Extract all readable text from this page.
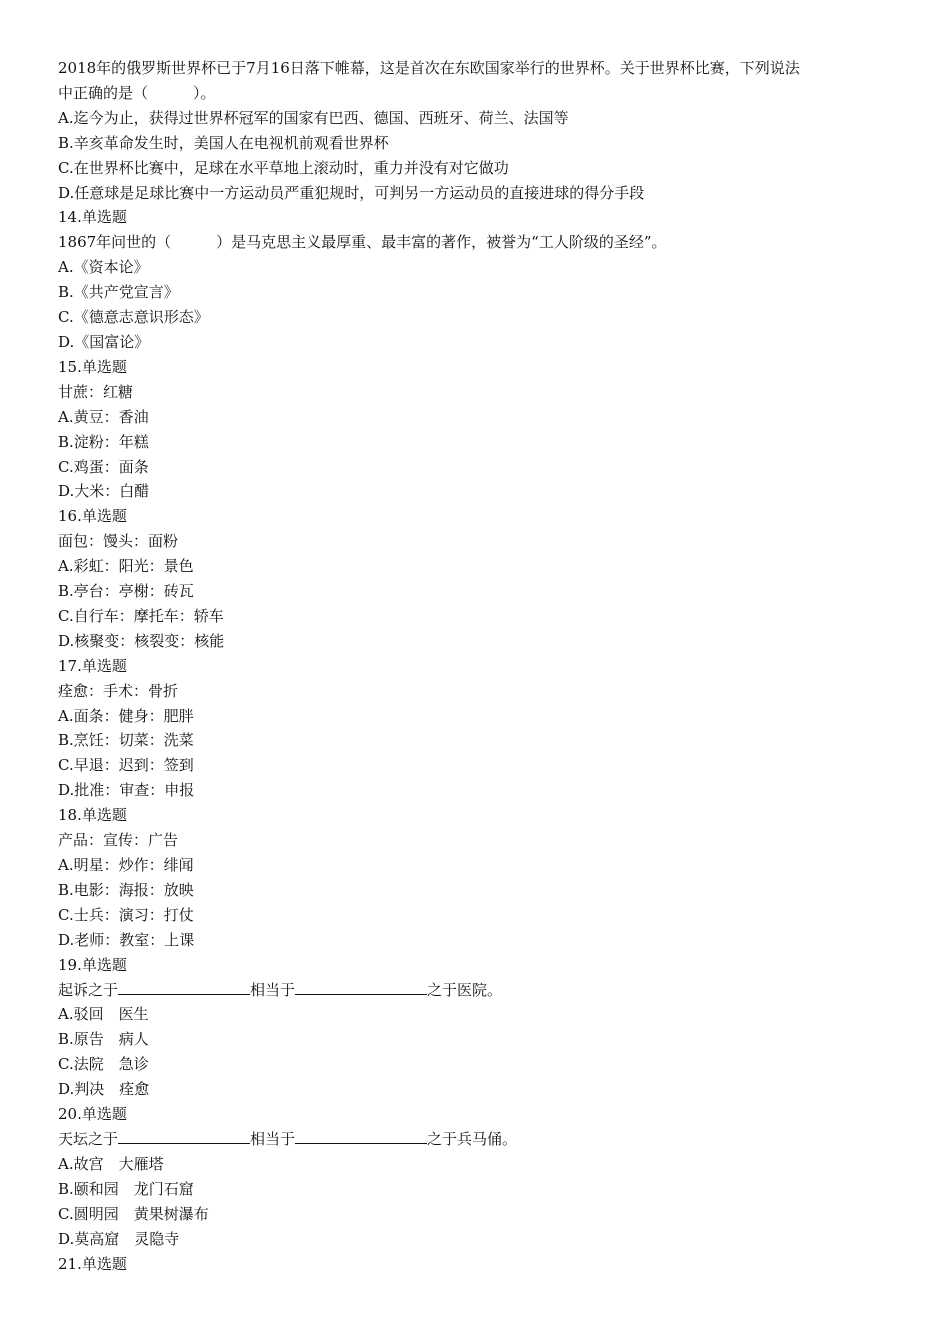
2018年的俄罗斯世界杯已于7月16日落下帷幕，这是首次在东欧国家举行的世界杯。关于世界杯比赛，下列说法
中正确的是（　　　）。
A.迄今为止，获得过世界杯冠军的国家有巴西、德国、西班牙、荷兰、法国等
B.辛亥革命发生时，美国人在电视机前观看世界杯
C.在世界杯比赛中，足球在水平草地上滚动时，重力并没有对它做功
D.任意球是足球比赛中一方运动员严重犯规时，可判另一方运动员的直接进球的得分手段
14.单选题
1867年问世的（　　　）是马克思主义最厚重、最丰富的著作，被誉为“工人阶级的圣经”。
A.《资本论》
B.《共产党宣言》
C.《德意志意识形态》
D.《国富论》
15.单选题
甘蔗：红糖
A.黄豆：香油
B.淀粉：年糕
C.鸡蛋：面条
D.大米：白醋
16.单选题
面包：馒头：面粉
A.彩虹：阳光：景色
B.亭台：亭榭：砖瓦
C.自行车：摩托车：轿车
D.核聚变：核裂变：核能
17.单选题
痊愈：手术：骨折
A.面条：健身：肥胖
B.烹饪：切菜：洗菜
C.早退：迟到：签到
D.批准：审查：申报
18.单选题
产品：宣传：广告
A.明星：炒作：绯闻
B.电影：海报：放映
C.士兵：演习：打仗
D.老师：教室：上课
19.单选题
起诉之于	相当于	之于医院。
A.驳回　医生
B.原告　病人
C.法院　急诊
D.判决　痊愈
20.单选题
天坛之于	相当于	之于兵马俑。
A.故宫　大雁塔
B.颐和园　龙门石窟
C.圆明园　黄果树瀑布
D.莫高窟　灵隐寺
21.单选题
